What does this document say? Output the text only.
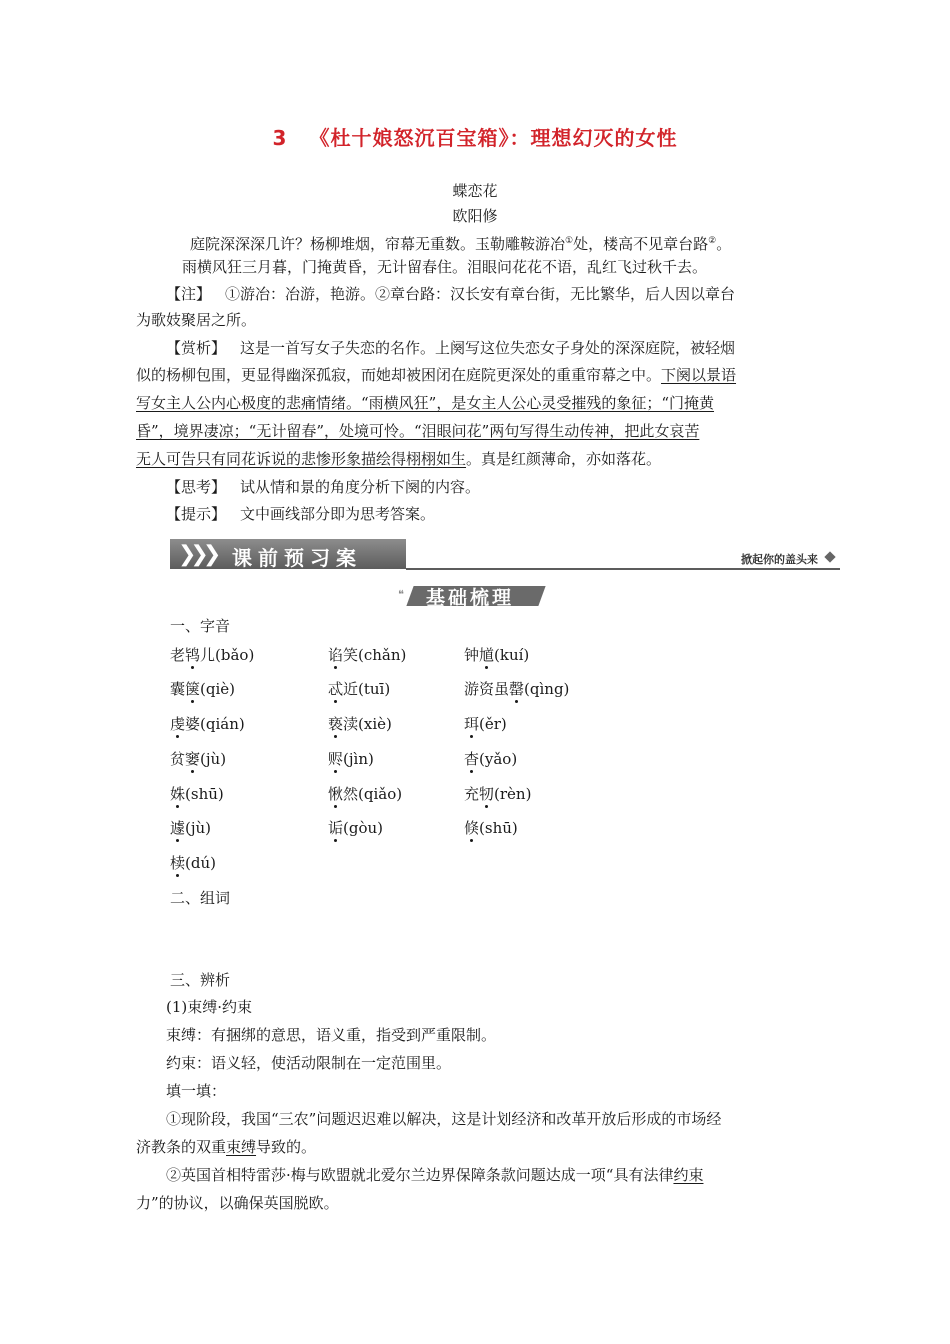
3 《杜十娘怒沉百宝箱》：理想幻灭的女性
蝶恋花
欧阳修
庭院深深深几许？杨柳堆烟，帘幕无重数。玉勒雕鞍游冶①处，楼高不见章台路②。
雨横风狂三月暮，门掩黄昏，无计留春住。泪眼问花花不语，乱红飞过秋千去。
【注】 ①游冶：冶游，艳游。②章台路：汉长安有章台街，无比繁华，后人因以章台
为歌妓聚居之所。
【赏析】 这是一首写女子失恋的名作。上阕写这位失恋女子身处的深深庭院，被轻烟
似的杨柳包围，更显得幽深孤寂，而她却被困闭在庭院更深处的重重帘幕之中。下阕以景语
写女主人公内心极度的悲痛情绪。“雨横风狂”，是女主人公心灵受摧残的象征；“门掩黄
昏”，境界凄凉；“无计留春”，处境可怜。“泪眼问花”两句写得生动传神，把此女哀苦
无人可告只有同花诉说的悲惨形象描绘得栩栩如生。真是红颜薄命，亦如落花。
【思考】 试从情和景的角度分析下阕的内容。
【提示】 文中画线部分即为思考答案。
❯❯❯ 课前预习案	掀起你的盖头来
❝ 基础梳理
一、字音
老鸨儿(bǎo)	谄笑(chǎn)	钟馗(kuí)
囊箧(qiè)	忒近(tuī)	游资虽罄(qìng)
虔婆(qián)	亵渎(xiè)	珥(ěr)
贫窭(jù)	赆(jìn)	杳(yǎo)
姝(shū)	愀然(qiǎo)	充牣(rèn)
遽(jù)	诟(gòu)	倏(shū)
椟(dú)
二、组词
三、辨析
(1)束缚·约束
束缚：有捆绑的意思，语义重，指受到严重限制。
约束：语义轻，使活动限制在一定范围里。
填一填：
①现阶段，我国“三农”问题迟迟难以解决，这是计划经济和改革开放后形成的市场经
济教条的双重束缚导致的。
②英国首相特雷莎·梅与欧盟就北爱尔兰边界保障条款问题达成一项“具有法律约束
力”的协议，以确保英国脱欧。
